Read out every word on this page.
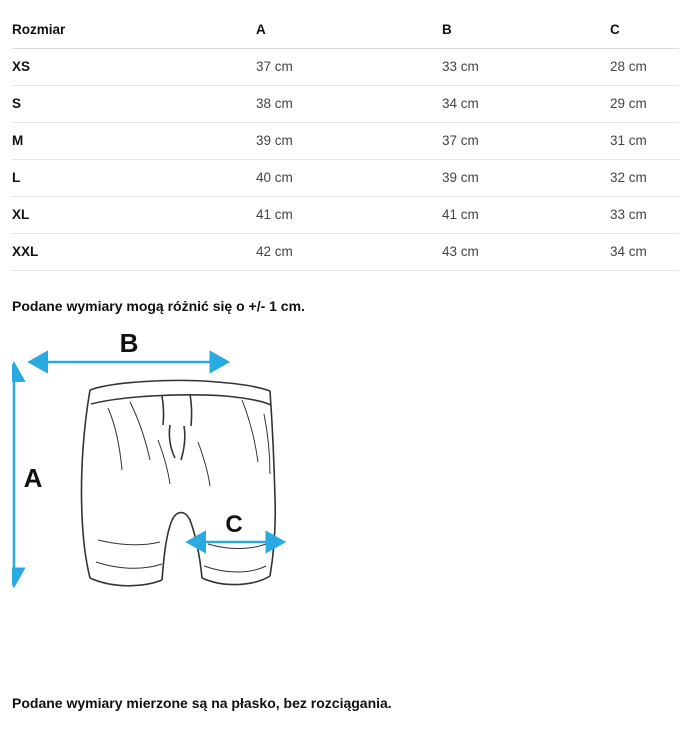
Rozmiar	A	B	C
XS	37 cm	33 cm	28 cm
S	38 cm	34 cm	29 cm
M	39 cm	37 cm	31 cm
L	40 cm	39 cm	32 cm
XL	41 cm	41 cm	33 cm
XXL	42 cm	43 cm	34 cm
Podane wymiary mogą różnić się o +/- 1 cm.
B
A
C
Podane wymiary mierzone są na płasko, bez rozciągania.
